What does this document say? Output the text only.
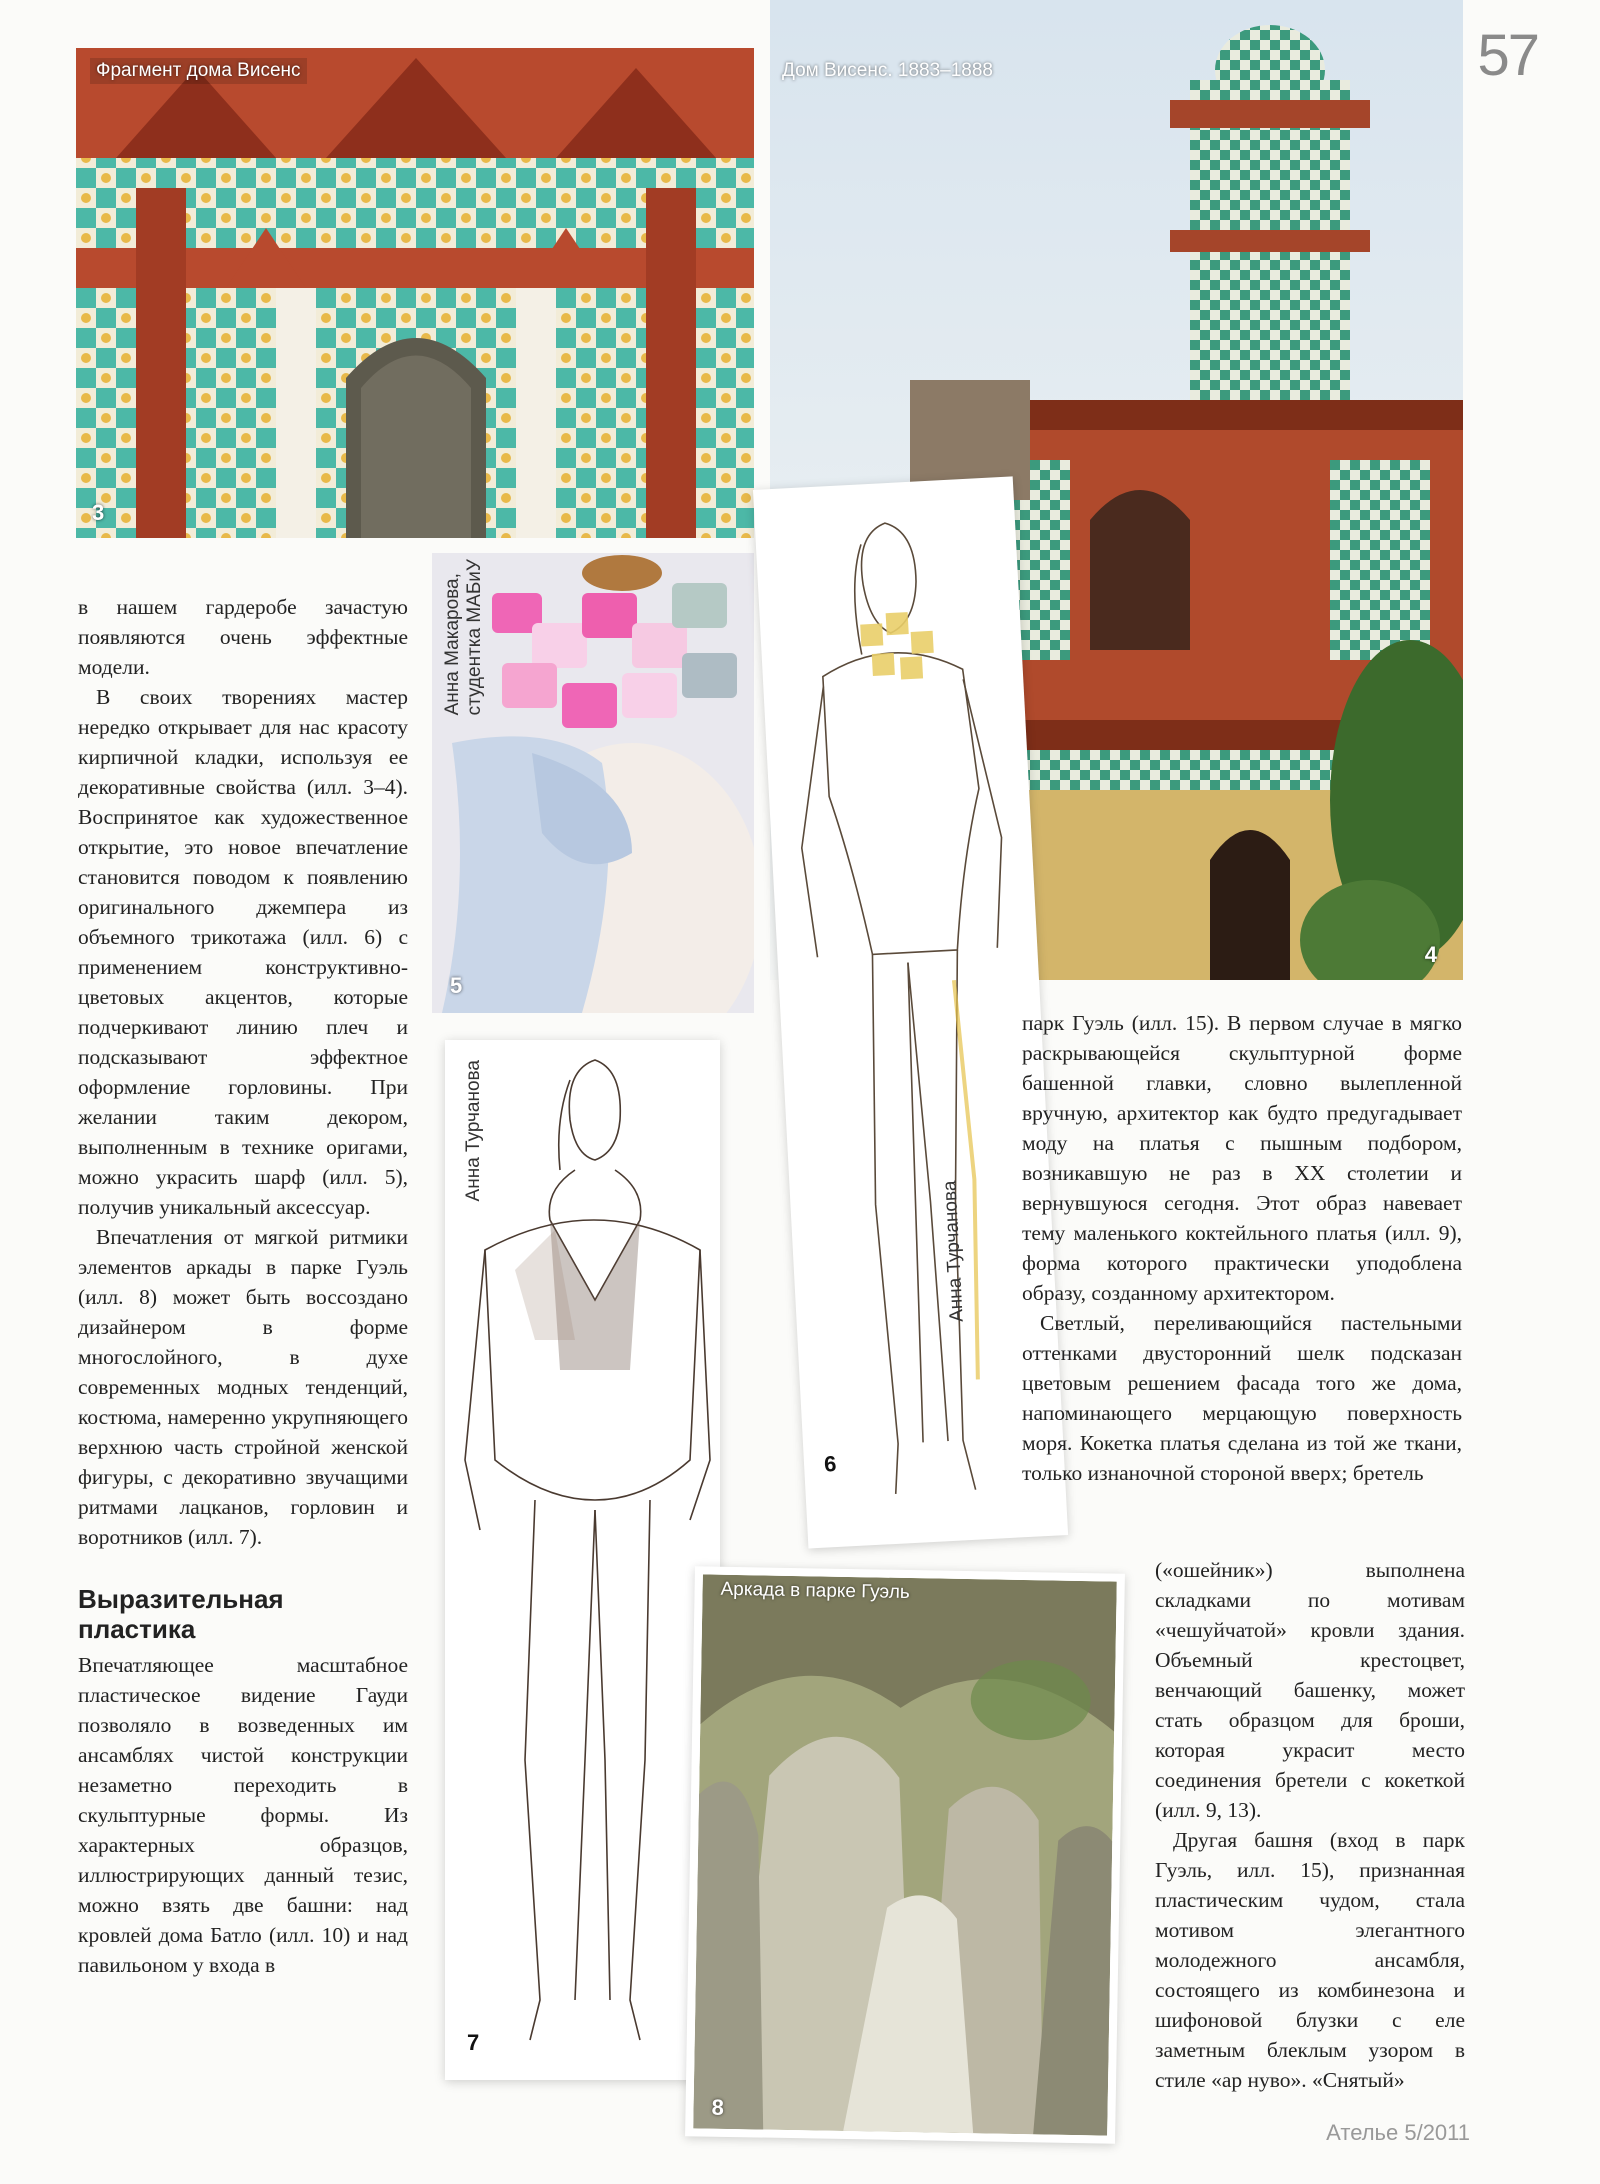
57
Фрагмент дома Висенс
3
Дом Висенс. 1883–1888
4
Анна Макарова,
студентка МАБиУ
5
Анна Турчанова
6
Анна Турчанова
7
Аркада в парке Гуэль
8

в нашем гардеробе зачастую появляются очень эффектные модели.

В своих творениях мастер нередко открывает для нас красоту кирпичной кладки, используя ее декоративные свойства (илл. 3–4). Воспринятое как художественное открытие, это новое впечатление становится поводом к появлению оригинального джемпера из объемного трикотажа (илл. 6) с применением конструктивно-цветовых акцентов, которые подчеркивают линию плеч и подсказывают эффектное оформление горловины. При желании таким декором, выполненным в технике оригами, можно украсить шарф (илл. 5), получив уникальный аксессуар.

Впечатления от мягкой ритмики элементов аркады в парке Гуэль (илл. 8) может быть воссоздано дизайнером в форме многослойного, в духе современных модных тенденций, костюма, намеренно укрупняющего верхнюю часть стройной женской фигуры, с декоративно звучащими ритмами лацканов, горловин и воротников (илл. 7).

Выразительная пластика

Впечатляющее масштабное пластическое видение Гауди позволяло в возведенных им ансамблях чистой конструкции незаметно переходить в скульптурные формы. Из характерных образцов, иллюстрирующих данный тезис, можно взять две башни: над кровлей дома Батло (илл. 10) и над павильоном у входа в

парк Гуэль (илл. 15). В первом случае в мягко раскрывающейся скульптурной форме башенной главки, словно вылепленной вручную, архитектор как будто предугадывает моду на платья с пышным подбором, возникавшую не раз в XX столетии и вернувшуюся сегодня. Этот образ навевает тему маленького коктейльного платья (илл. 9), форма которого практически уподоблена образу, созданному архитектором.

Светлый, переливающийся пастельными оттенками двусторонний шелк подсказан цветовым решением фасада того же дома, напоминающего мерцающую поверхность моря. Кокетка платья сделана из той же ткани, только изнаночной стороной вверх; бретель

(«ошейник») выполнена складками по мотивам «чешуйчатой» кровли здания. Объемный крестоцвет, венчающий башенку, может стать образцом для броши, которая украсит место соединения бретели с кокеткой (илл. 9, 13).

Другая башня (вход в парк Гуэль, илл. 15), признанная пластическим чудом, стала мотивом элегантного молодежного ансамбля, состоящего из комбинезона и шифоновой блузки с еле заметным блеклым узором в стиле «ар нуво». «Снятый»

Ателье 5/2011
